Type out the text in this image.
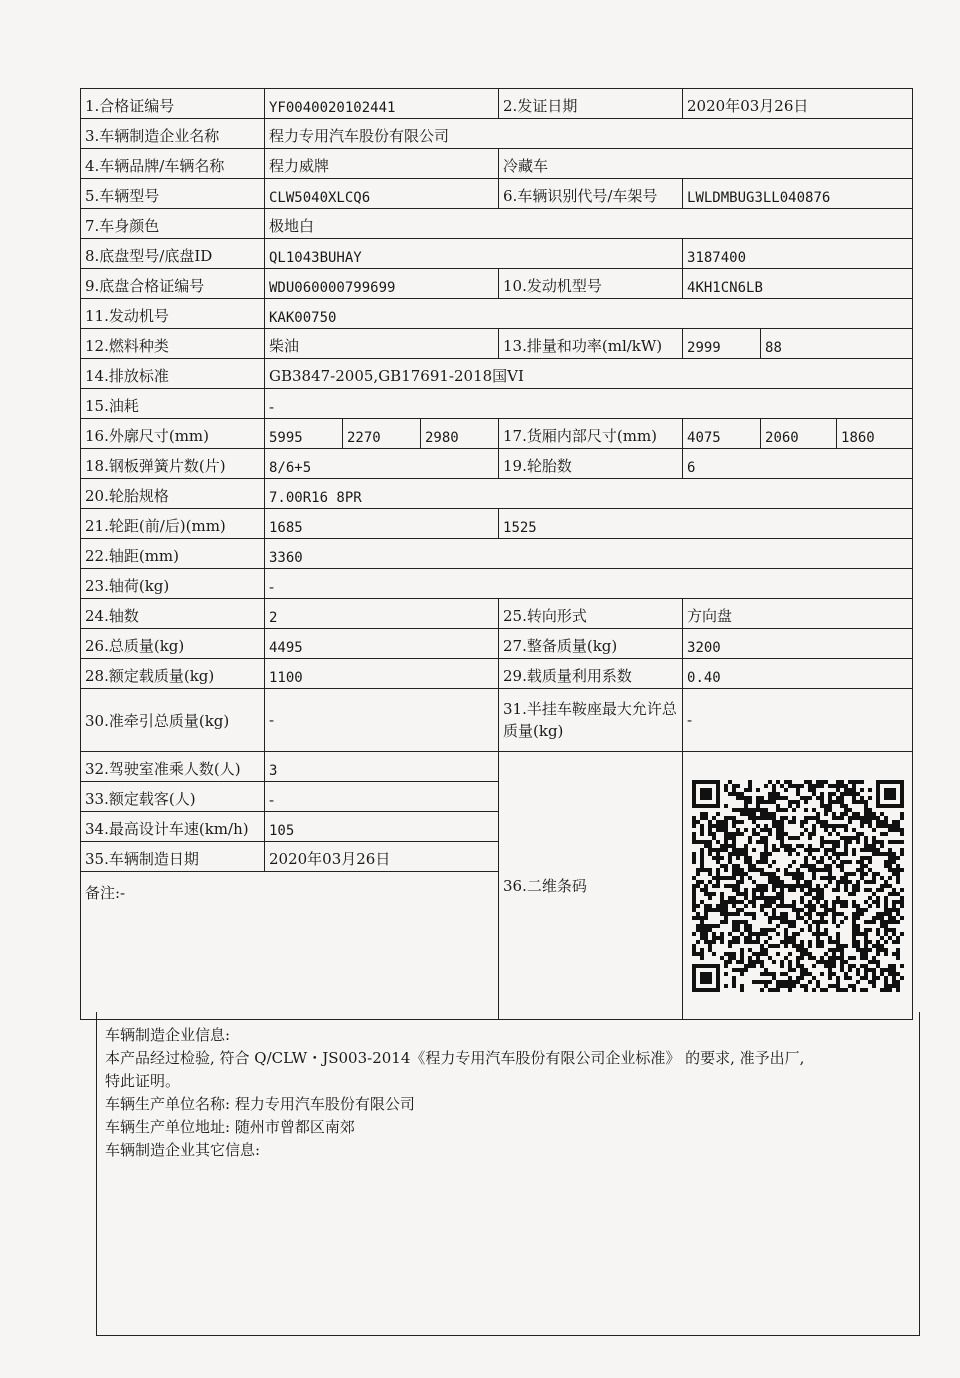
1.合格证编号	YF0040020102441			2.发证日期	2020年03月26日		
3.车辆制造企业名称	程力专用汽车股份有限公司						
4.车辆品牌/车辆名称	程力威牌			冷藏车			
5.车辆型号	CLW5040XLCQ6			6.车辆识别代号/车架号	LWLDMBUG3LL040876		
7.车身颜色	极地白						
8.底盘型号/底盘ID	QL1043BUHAY				3187400		
9.底盘合格证编号	WDU060000799699			10.发动机型号	4KH1CN6LB		
11.发动机号	KAK00750						
12.燃料种类	柴油			13.排量和功率(ml/kW)	2999	88	
14.排放标准	GB3847-2005,GB17691-2018国VI						
15.油耗	-						
16.外廓尺寸(mm)	5995	2270	2980	17.货厢内部尺寸(mm)	4075	2060	1860
18.钢板弹簧片数(片)	8/6+5			19.轮胎数	6		
20.轮胎规格	7.00R16 8PR						
21.轮距(前/后)(mm)	1685			1525			
22.轴距(mm)	3360						
23.轴荷(kg)	-						
24.轴数	2			25.转向形式	方向盘		
26.总质量(kg)	4495			27.整备质量(kg)	3200		
28.额定载质量(kg)	1100			29.载质量利用系数	0.40		
30.准牵引总质量(kg)	-			31.半挂车鞍座最大允许总质量(kg)	-		
32.驾驶室准乘人数(人)	3			36.二维条码	

33.额定载客(人)	-						
34.最高设计车速(km/h)	105						
35.车辆制造日期	2020年03月26日						
备注:-							
车辆制造企业信息:
本产品经过检验, 符合 Q/CLW・JS003-2014《程力专用汽车股份有限公司企业标准》 的要求, 准予出厂,
特此证明。
车辆生产单位名称: 程力专用汽车股份有限公司
车辆生产单位地址: 随州市曾都区南郊
车辆制造企业其它信息:
